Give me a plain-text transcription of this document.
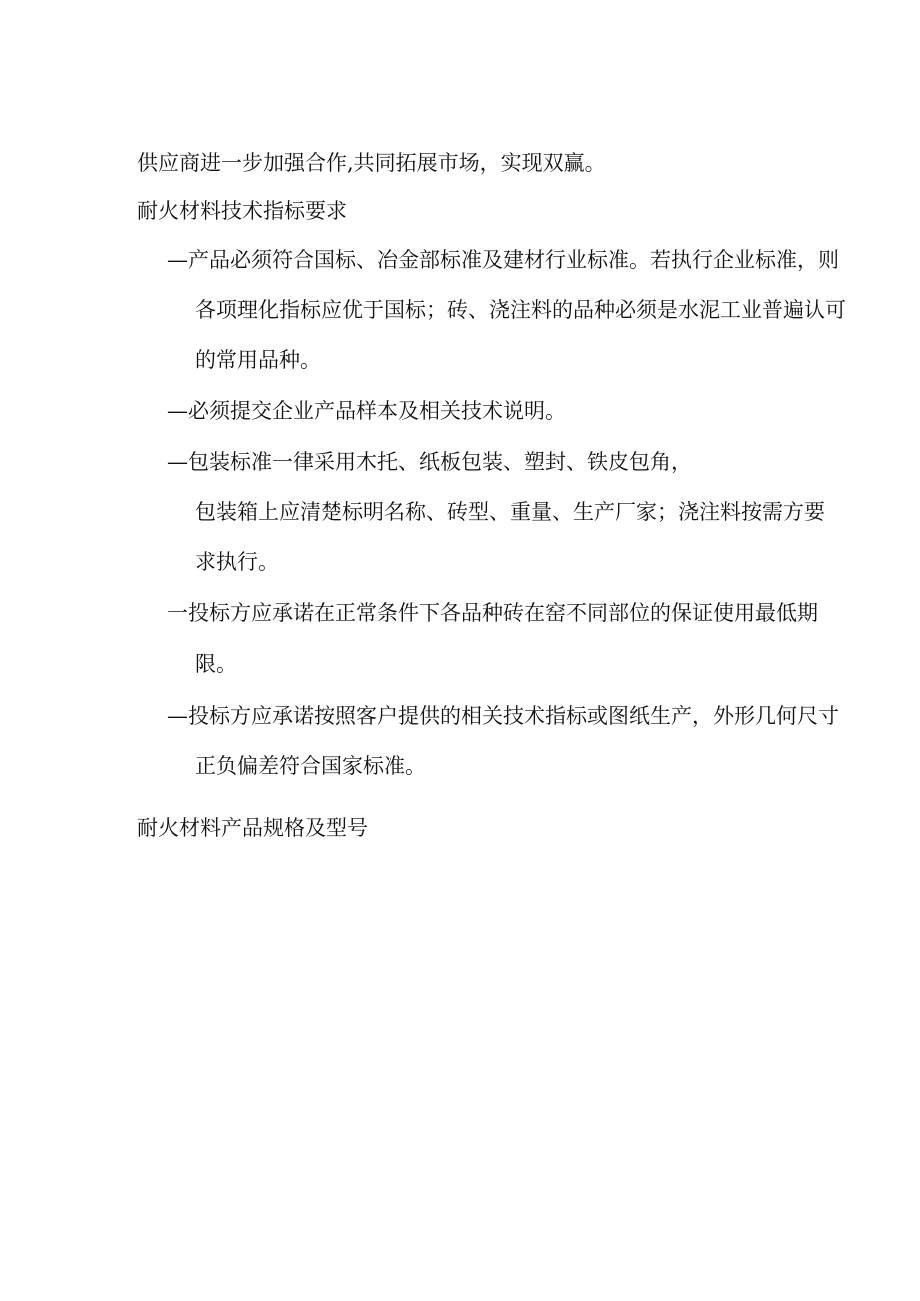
供应商进一步加强合作,共同拓展市场，实现双赢。
耐火材料技术指标要求
—产品必须符合国标、冶金部标准及建材行业标准。若执行企业标准，则
各项理化指标应优于国标；砖、浇注料的品种必须是水泥工业普遍认可
的常用品种。
—必须提交企业产品样本及相关技术说明。
—包装标准一律采用木托、纸板包装、塑封、铁皮包角，
包装箱上应清楚标明名称、砖型、重量、生产厂家；浇注料按需方要
求执行。
一投标方应承诺在正常条件下各品种砖在窑不同部位的保证使用最低期
限。
—投标方应承诺按照客户提供的相关技术指标或图纸生产，外形几何尺寸
正负偏差符合国家标准。
耐火材料产品规格及型号
